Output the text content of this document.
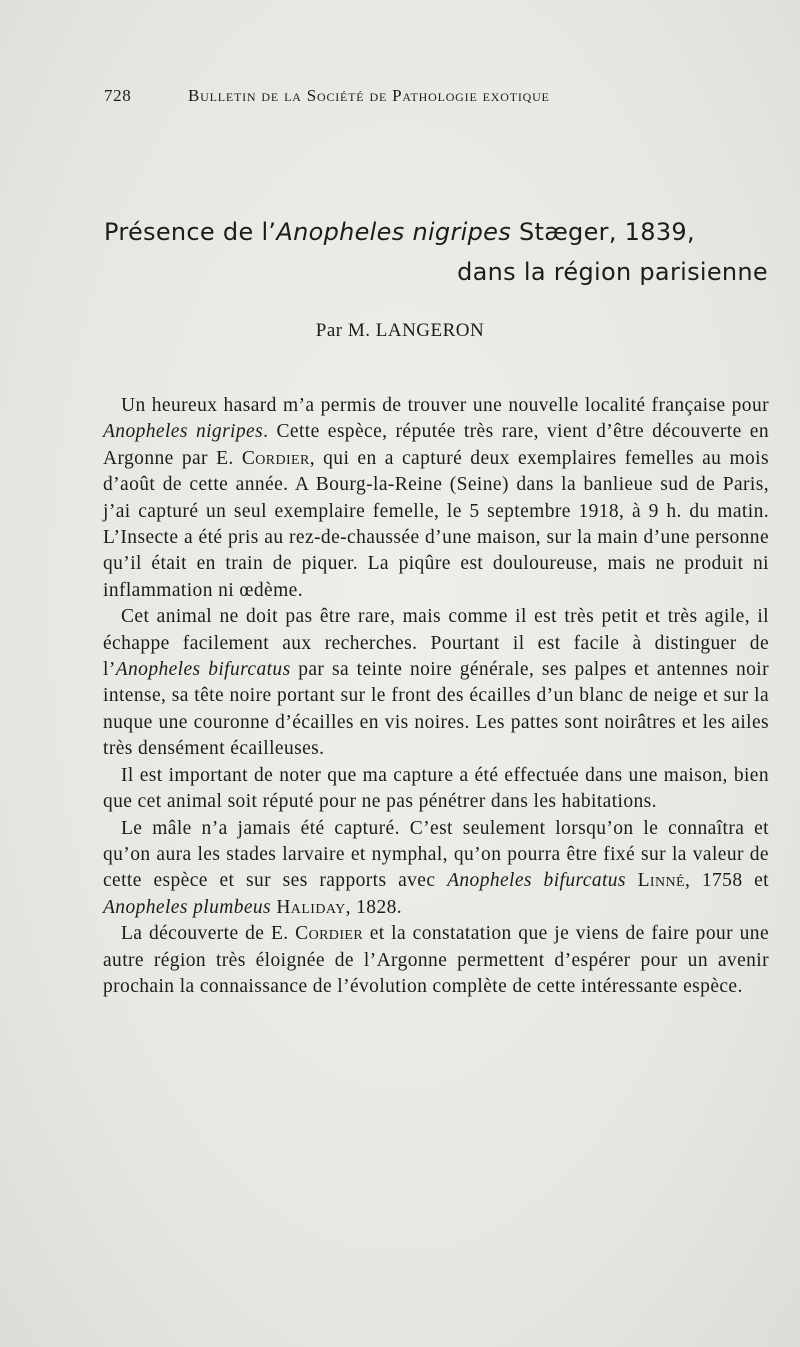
728	Bulletin de la Société de Pathologie exotique
Présence de l’Anopheles nigripes Stæger, 1839,
dans la région parisienne
Par M. LANGERON

Un heureux hasard m’a permis de trouver une nouvelle localité française pour Anopheles nigripes. Cette espèce, réputée très rare, vient d’être découverte en Argonne par E. Cordier, qui en a capturé deux exemplaires femelles au mois d’août de cette année. A Bourg-la-Reine (Seine) dans la banlieue sud de Paris, j’ai capturé un seul exemplaire femelle, le 5 septembre 1918, à 9 h. du matin. L’Insecte a été pris au rez-de-chaussée d’une maison, sur la main d’une personne qu’il était en train de piquer. La piqûre est douloureuse, mais ne produit ni inflammation ni œdème.

Cet animal ne doit pas être rare, mais comme il est très petit et très agile, il échappe facilement aux recherches. Pourtant il est facile à distinguer de l’Anopheles bifurcatus par sa teinte noire générale, ses palpes et antennes noir intense, sa tête noire portant sur le front des écailles d’un blanc de neige et sur la nuque une couronne d’écailles en vis noires. Les pattes sont noirâtres et les ailes très densément écailleuses.

Il est important de noter que ma capture a été effectuée dans une maison, bien que cet animal soit réputé pour ne pas pénétrer dans les habitations.

Le mâle n’a jamais été capturé. C’est seulement lorsqu’on le connaîtra et qu’on aura les stades larvaire et nymphal, qu’on pourra être fixé sur la valeur de cette espèce et sur ses rapports avec Anopheles bifurcatus Linné, 1758 et Anopheles plumbeus Haliday, 1828.

La découverte de E. Cordier et la constatation que je viens de faire pour une autre région très éloignée de l’Argonne permettent d’espérer pour un avenir prochain la connaissance de l’évolution complète de cette intéressante espèce.
